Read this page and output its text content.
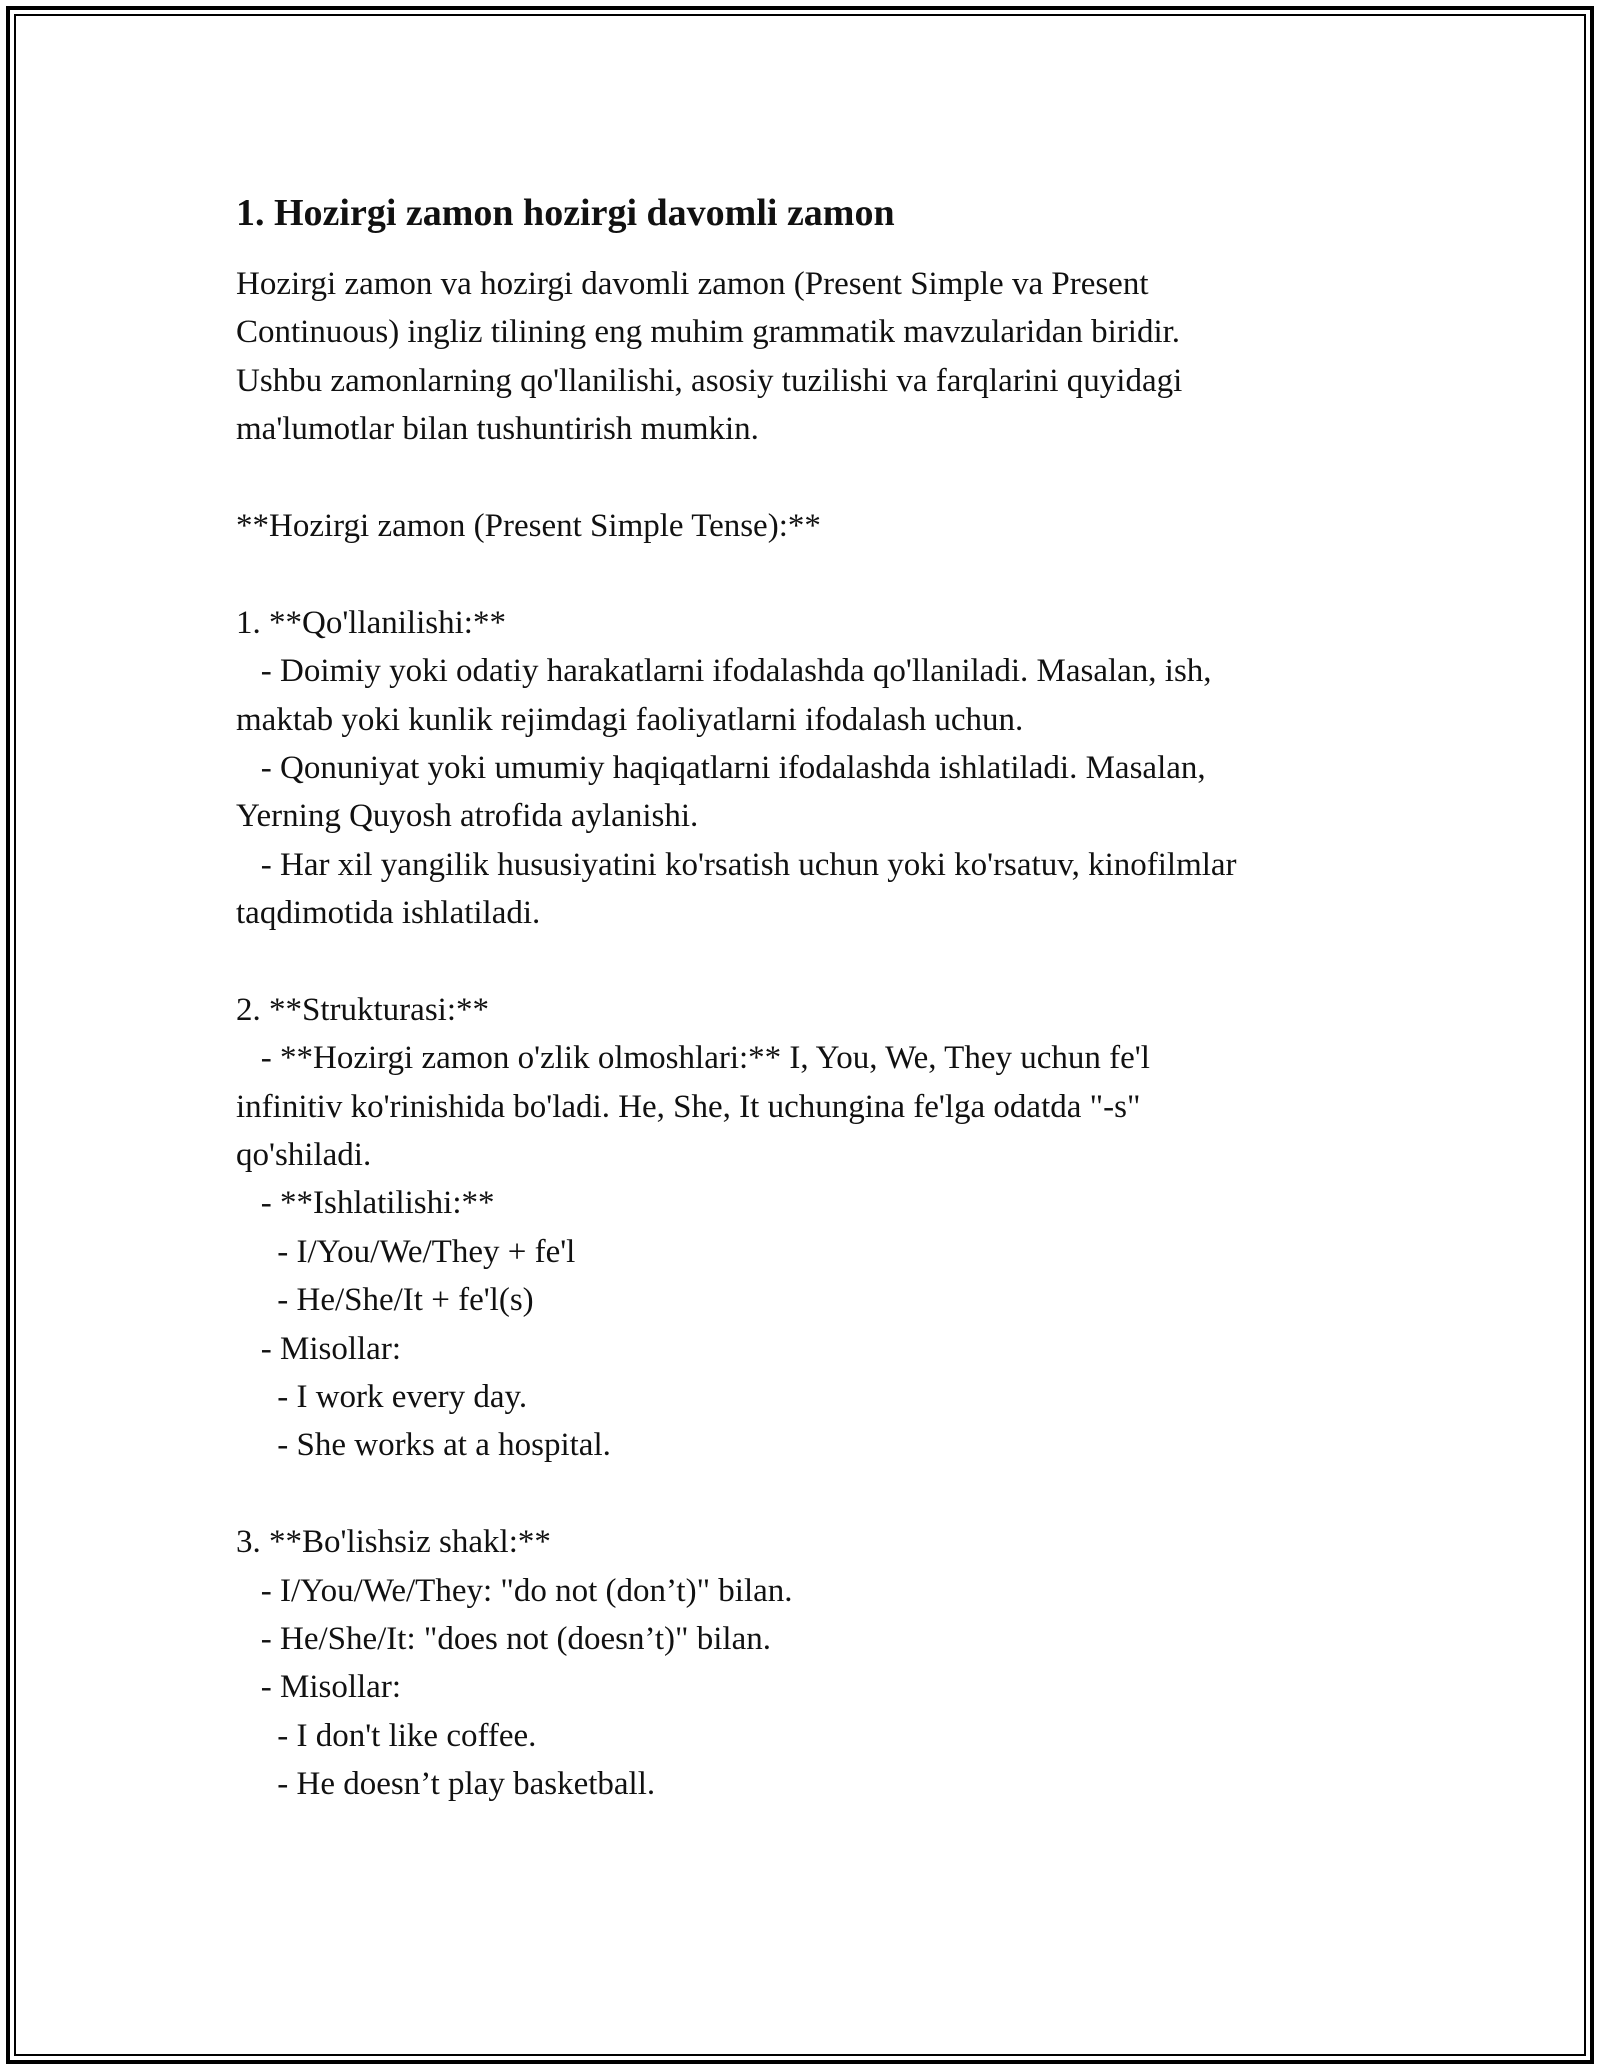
1. Hozirgi zamon hozirgi davomli zamon
Hozirgi zamon va hozirgi davomli zamon (Present Simple va Present
Continuous) ingliz tilining eng muhim grammatik mavzularidan biridir.
Ushbu zamonlarning qo'llanilishi, asosiy tuzilishi va farqlarini quyidagi
ma'lumotlar bilan tushuntirish mumkin.
**Hozirgi zamon (Present Simple Tense):**
1. **Qo'llanilishi:**
- Doimiy yoki odatiy harakatlarni ifodalashda qo'llaniladi. Masalan, ish,
maktab yoki kunlik rejimdagi faoliyatlarni ifodalash uchun.
- Qonuniyat yoki umumiy haqiqatlarni ifodalashda ishlatiladi. Masalan,
Yerning Quyosh atrofida aylanishi.
- Har xil yangilik hususiyatini ko'rsatish uchun yoki ko'rsatuv, kinofilmlar
taqdimotida ishlatiladi.
2. **Strukturasi:**
- **Hozirgi zamon o'zlik olmoshlari:** I, You, We, They uchun fe'l
infinitiv ko'rinishida bo'ladi. He, She, It uchungina fe'lga odatda "-s"
qo'shiladi.
- **Ishlatilishi:**
- I/You/We/They + fe'l
- He/She/It + fe'l(s)
- Misollar:
- I work every day.
- She works at a hospital.
3. **Bo'lishsiz shakl:**
- I/You/We/They: "do not (don’t)" bilan.
- He/She/It: "does not (doesn’t)" bilan.
- Misollar:
- I don't like coffee.
- He doesn’t play basketball.
